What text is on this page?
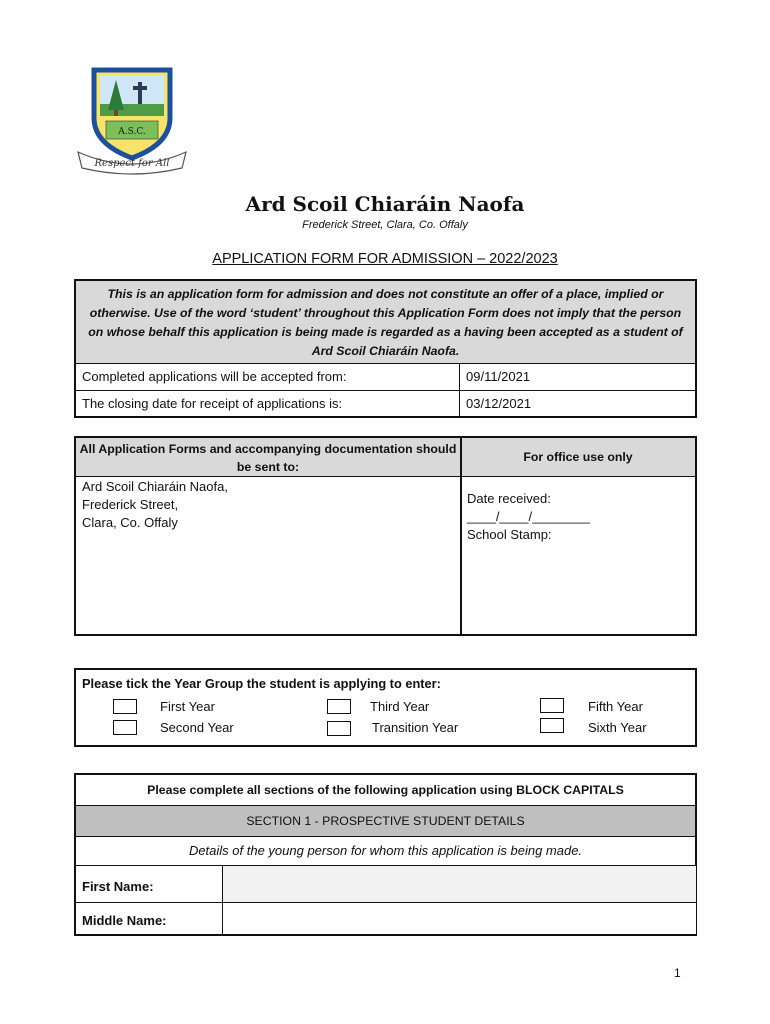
A.S.C.
Respect for All
Ard Scoil Chiaráin Naofa
Frederick Street, Clara, Co. Offaly
APPLICATION FORM FOR ADMISSION – 2022/2023
This is an application form for admission and does not constitute an offer of a place, implied or otherwise. Use of the word ‘student’ throughout this Application Form does not imply that the person on whose behalf this application is being made is regarded as a having been accepted as a student of Ard Scoil Chiaráin Naofa.
Completed applications will be accepted from:	09/11/2021
The closing date for receipt of applications is:	03/12/2021
All Application Forms and accompanying documentation should be sent to:
For office use only
Ard Scoil Chiaráin Naofa,
Frederick Street,
Clara, Co. Offaly
Date received:
____/____/________
School Stamp:
Please tick the Year Group the student is applying to enter:
First Year
Second Year
Third Year
Transition Year
Fifth Year
Sixth Year
Please complete all sections of the following application using BLOCK CAPITALS
SECTION 1 - PROSPECTIVE STUDENT DETAILS
Details of the young person for whom this application is being made.
First Name:
Middle Name:
1
